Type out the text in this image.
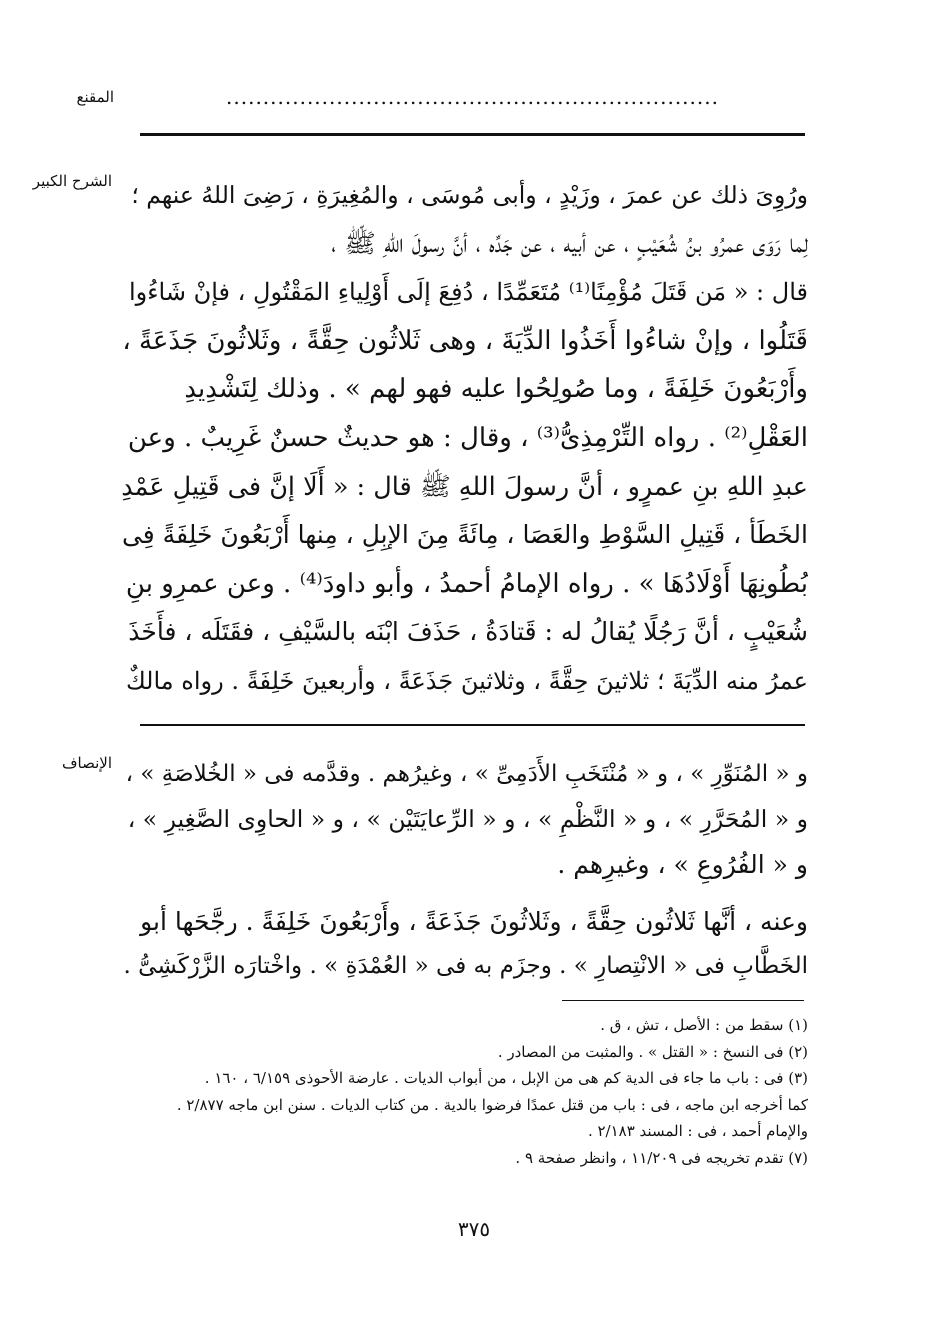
...................................................................
المقنع
الشرح الكبير
الإنصاف
ورُوِىَ ذلك عن عمرَ ، وزَيْدٍ ، وأبى مُوسَى ، والمُغِيرَةِ ، رَضِىَ اللهُ عنهم ؛
لِما رَوَى عمرُو بنُ شُعَيْبٍ ، عن أبيه ، عن جَدِّه ، أنَّ رسولَ اللهِ ﷺ ،
قال : « مَن قَتَلَ مُؤْمِنًا⁽¹⁾ مُتَعَمِّدًا ، دُفِعَ إلَى أَوْلِياءِ المَقْتُولِ ، فإنْ شَاءُوا
قَتَلُوا ، وإنْ شاءُوا أَخَذُوا الدِّيَةَ ، وهى ثَلاثُون حِقَّةً ، وثَلاثُونَ جَذَعَةً ،
وأَرْبَعُونَ خَلِفَةً ، وما صُولِحُوا عليه فهو لهم » . وذلك لِتَشْدِيدِ
العَقْلِ⁽²⁾ . رواه التِّرْمِذِىُّ⁽³⁾ ، وقال : هو حديثٌ حسنٌ غَرِيبٌ . وعن
عبدِ اللهِ بنِ عمرٍو ، أنَّ رسولَ اللهِ ﷺ قال : « أَلَا إنَّ فى قَتِيلِ عَمْدِ
الخَطَأ ، قَتِيلِ السَّوْطِ والعَصَا ، مِائَةً مِنَ الإبِلِ ، مِنها أَرْبَعُونَ خَلِفَةً فِى
بُطُونِهَا أَوْلَادُهَا » . رواه الإمامُ أحمدُ ، وأبو داودَ⁽⁴⁾ . وعن عمرِو بنِ
شُعَيْبٍ ، أنَّ رَجُلًا يُقالُ له : قَتادَةُ ، حَذَفَ ابْنَه بالسَّيْفِ ، فقَتَلَه ، فأَخَذَ
عمرُ منه الدِّيَةَ ؛ ثلاثينَ حِقَّةً ، وثلاثينَ جَذَعَةً ، وأربعينَ خَلِفَةً . رواه مالكٌ
و « المُنَوِّرِ » ، و « مُنْتَخَبِ الأَدَمِىِّ » ، وغيرُهم . وقدَّمه فى « الخُلاصَةِ » ،
و « المُحَرَّرِ » ، و « النَّظْمِ » ، و « الرِّعايَتَيْن » ، و « الحاوِى الصَّغِيرِ » ،
و « الفُرُوعِ » ، وغيرِهم .
وعنه ، أنَّها ثَلاثُون حِقَّةً ، وثَلاثُونَ جَذَعَةً ، وأَرْبَعُونَ خَلِفَةً . رجَّحَها أبو
الخَطَّابِ فى « الانْتِصارِ » . وجزَم به فى « العُمْدَةِ » . واخْتارَه الزَّرْكَشِىُّ .
(١) سقط من : الأصل ، تش ، ق .
(٢) فى النسخ : « القتل » . والمثبت من المصادر .
(٣) فى : باب ما جاء فى الدية كم هى من الإبل ، من أبواب الديات . عارضة الأحوذى ٦/١٥٩ ، ١٦٠ .
كما أخرجه ابن ماجه ، فى : باب من قتل عمدًا فرضوا بالدية . من كتاب الديات . سنن ابن ماجه ٢/٨٧٧ .
والإمام أحمد ، فى : المسند ٢/١٨٣ .
(٧) تقدم تخريجه فى ١١/٢٠٩ ، وانظر صفحة ٩ .
٣٧٥
